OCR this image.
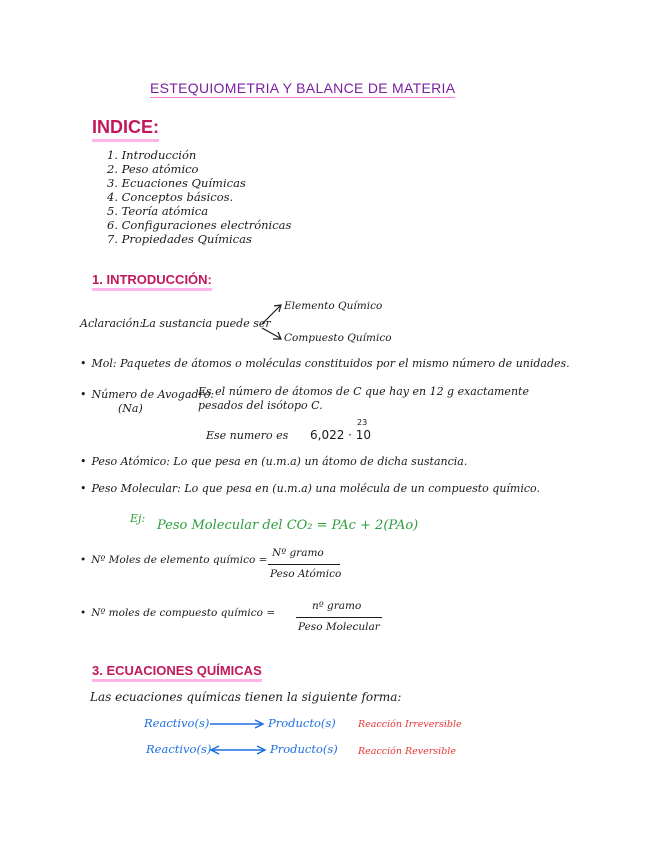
ESTEQUIOMETRIA Y BALANCE DE MATERIA
INDICE:
1. Introducción
2. Peso atómico
3. Ecuaciones Químicas
4. Conceptos básicos.
5. Teoría atómica
6. Configuraciones electrónicas
7. Propiedades Químicas
1. INTRODUCCIÓN:
Aclaración:
La sustancia puede ser
Elemento Químico
Compuesto Químico
• Mol: Paquetes de átomos o moléculas constituidos por el mismo número de unidades.
• Número de Avogadro:
(Na)
Es el número de átomos de C que hay en 12 g exactamente
pesados del isótopo C.
Ese numero es 6,022 · 10
23
• Peso Atómico: Lo que pesa en (u.m.a) un átomo de dicha sustancia.
• Peso Molecular: Lo que pesa en (u.m.a) una molécula de un compuesto químico.
Ej: Peso Molecular del CO₂ = PAc + 2(PAo)
• Nº Moles de elemento químico =
Nº gramo
Peso Atómico
• Nº moles de compuesto químico =
nº gramo
Peso Molecular
3. ECUACIONES QUÍMICAS
Las ecuaciones químicas tienen la siguiente forma:
Reactivo(s)	Producto(s) Reacción Irreversible
Reactivo(s)	Producto(s) Reacción Reversible
